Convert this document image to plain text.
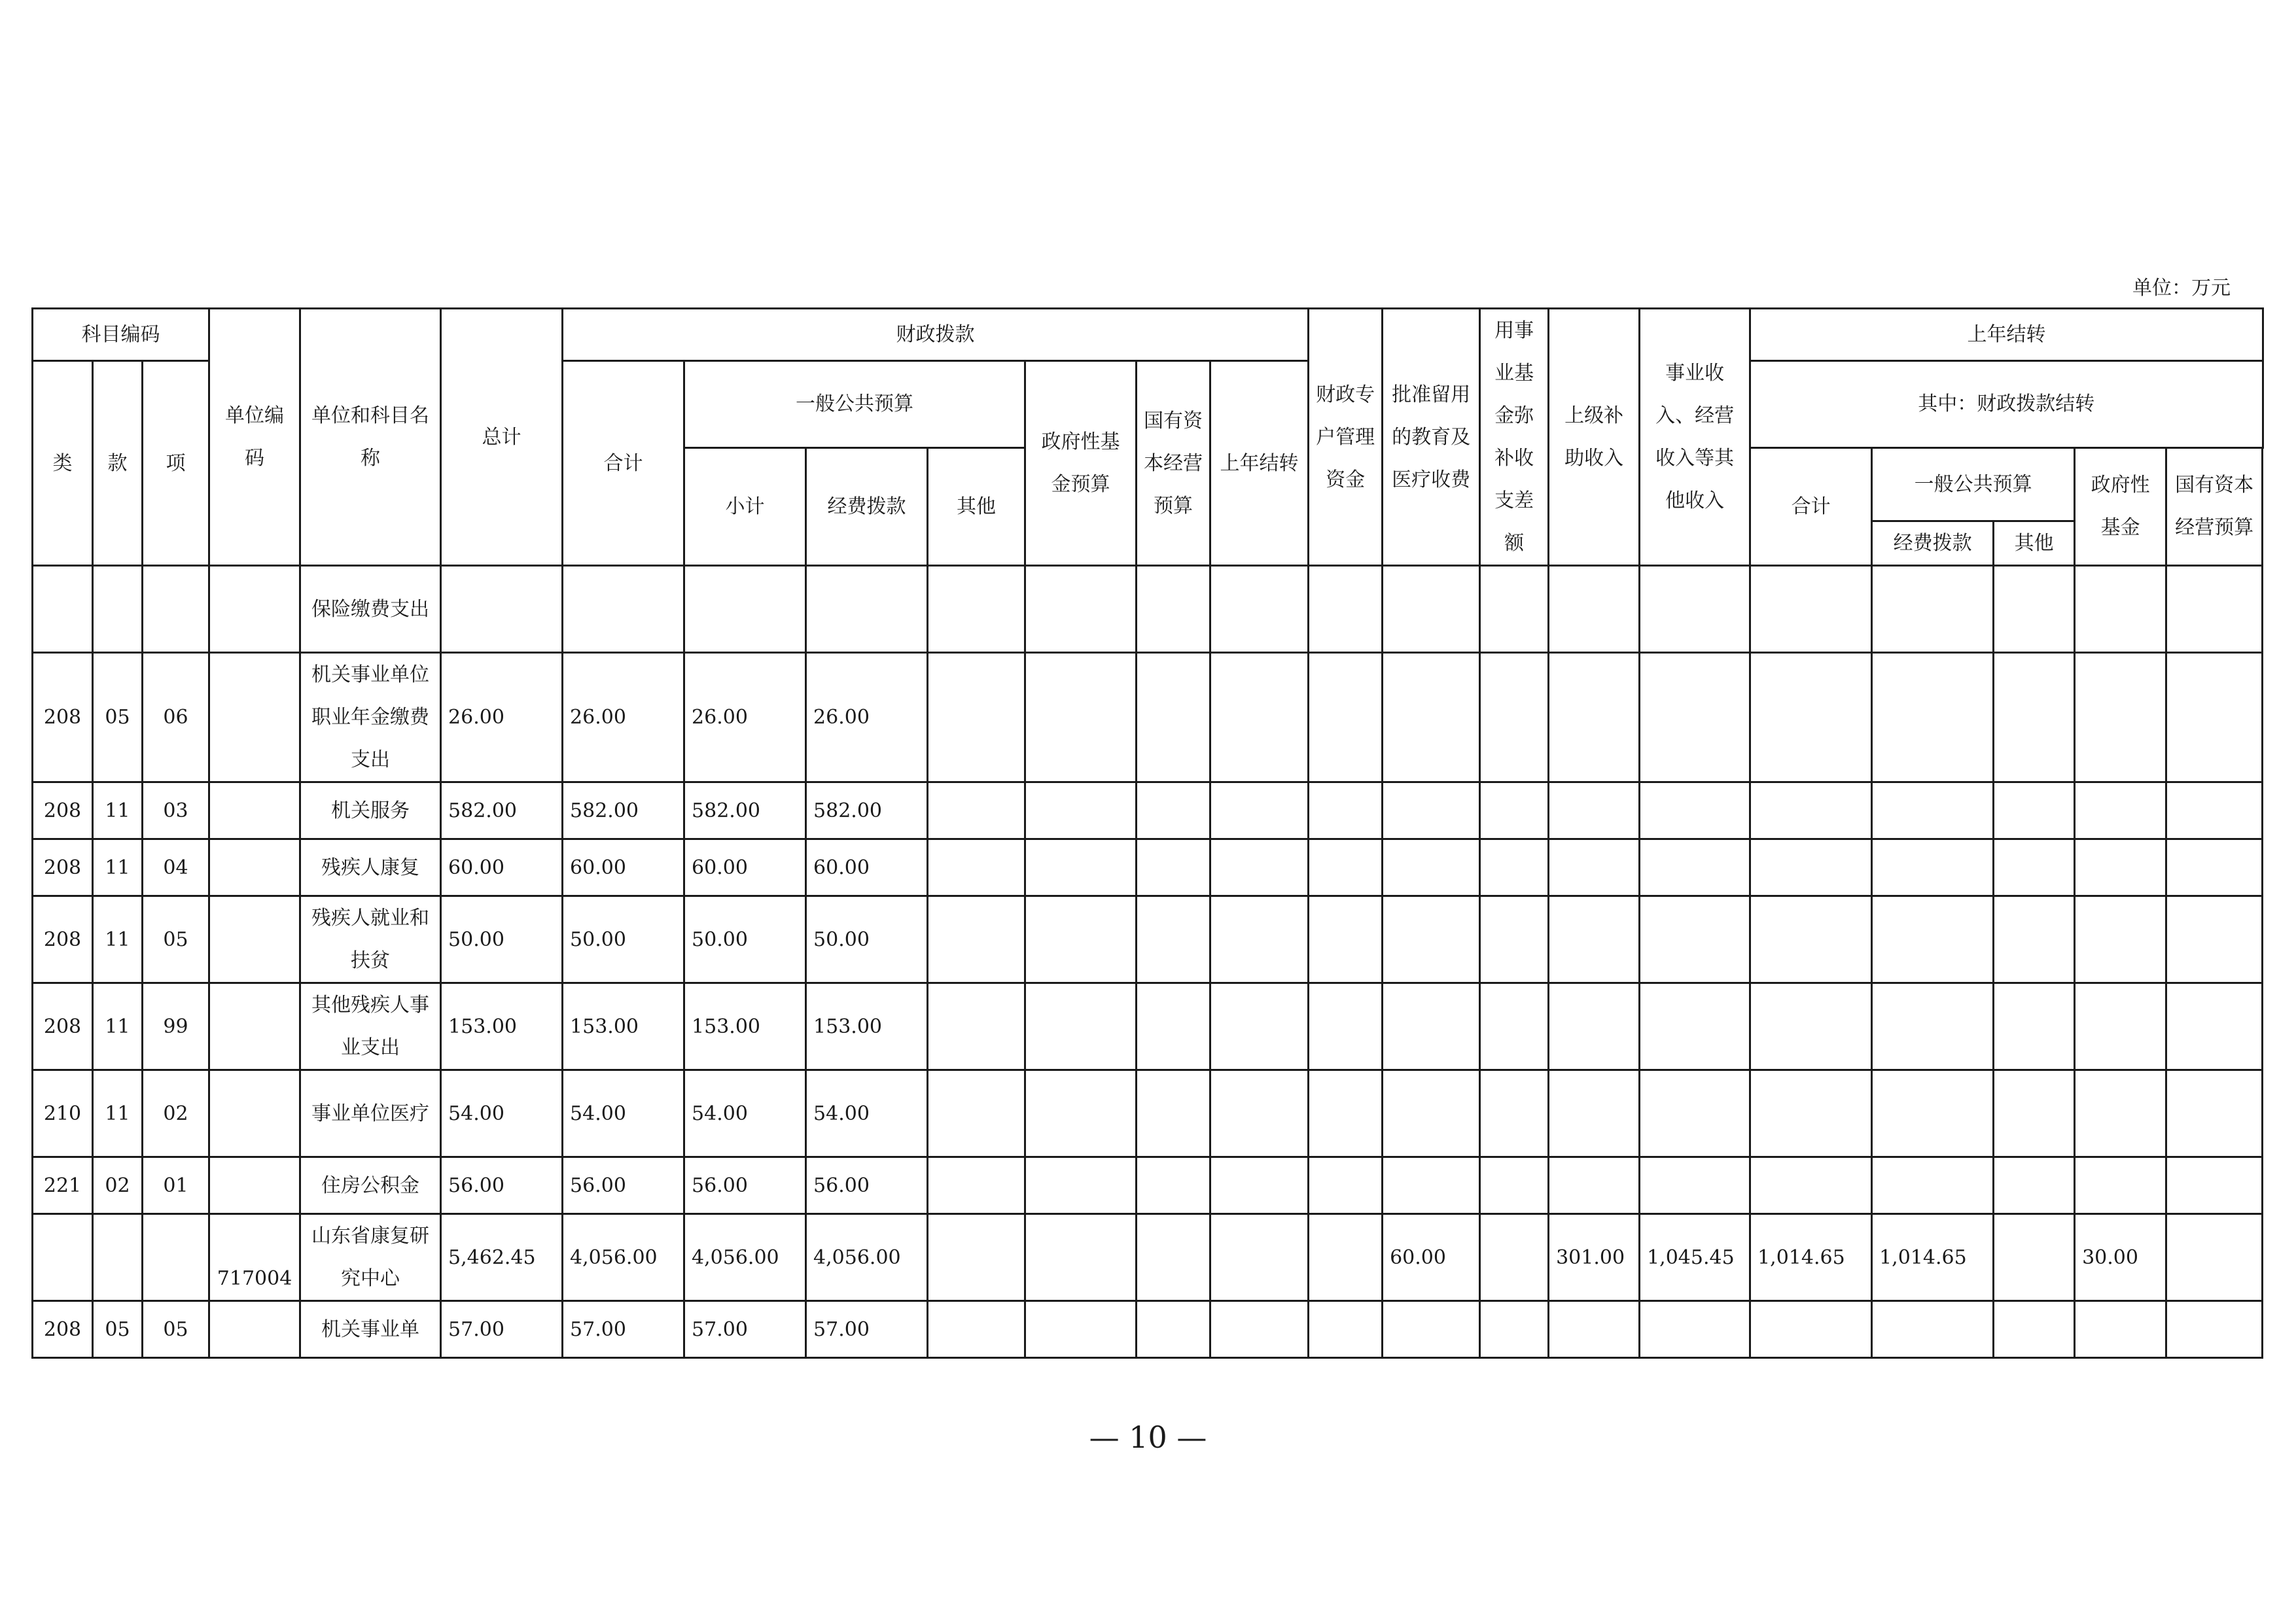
单位：万元
科目编码			单位编码	单位和科目名称	总计	财政拨款							财政专户管理资金	批准留用的教育及医疗收费	用事业基金弥补收支差额	上级补助收入	事业收入、经营收入等其他收入	上年结转				
类	款	项				合计	一般公共预算			政府性基金预算	国有资本经营预算	上年结转						其中：财政拨款结转				
							小计	经费拨款	其他									合计	一般公共预算		政府性基金	国有资本经营预算
																			经费拨款	其他		
				保险缴费支出																		
208	05	06		机关事业单位职业年金缴费支出	26.00	26.00	26.00	26.00														
208	11	03		机关服务	582.00	582.00	582.00	582.00														
208	11	04		残疾人康复	60.00	60.00	60.00	60.00														
208	11	05		残疾人就业和扶贫	50.00	50.00	50.00	50.00														
208	11	99		其他残疾人事业支出	153.00	153.00	153.00	153.00														
210	11	02		事业单位医疗	54.00	54.00	54.00	54.00														
221	02	01		住房公积金	56.00	56.00	56.00	56.00														
			717004	山东省康复研究中心	5,462.45	4,056.00	4,056.00	4,056.00						60.00		301.00	1,045.45	1,014.65	1,014.65		30.00	
208	05	05		机关事业单	57.00	57.00	57.00	57.00														
— 10 —
